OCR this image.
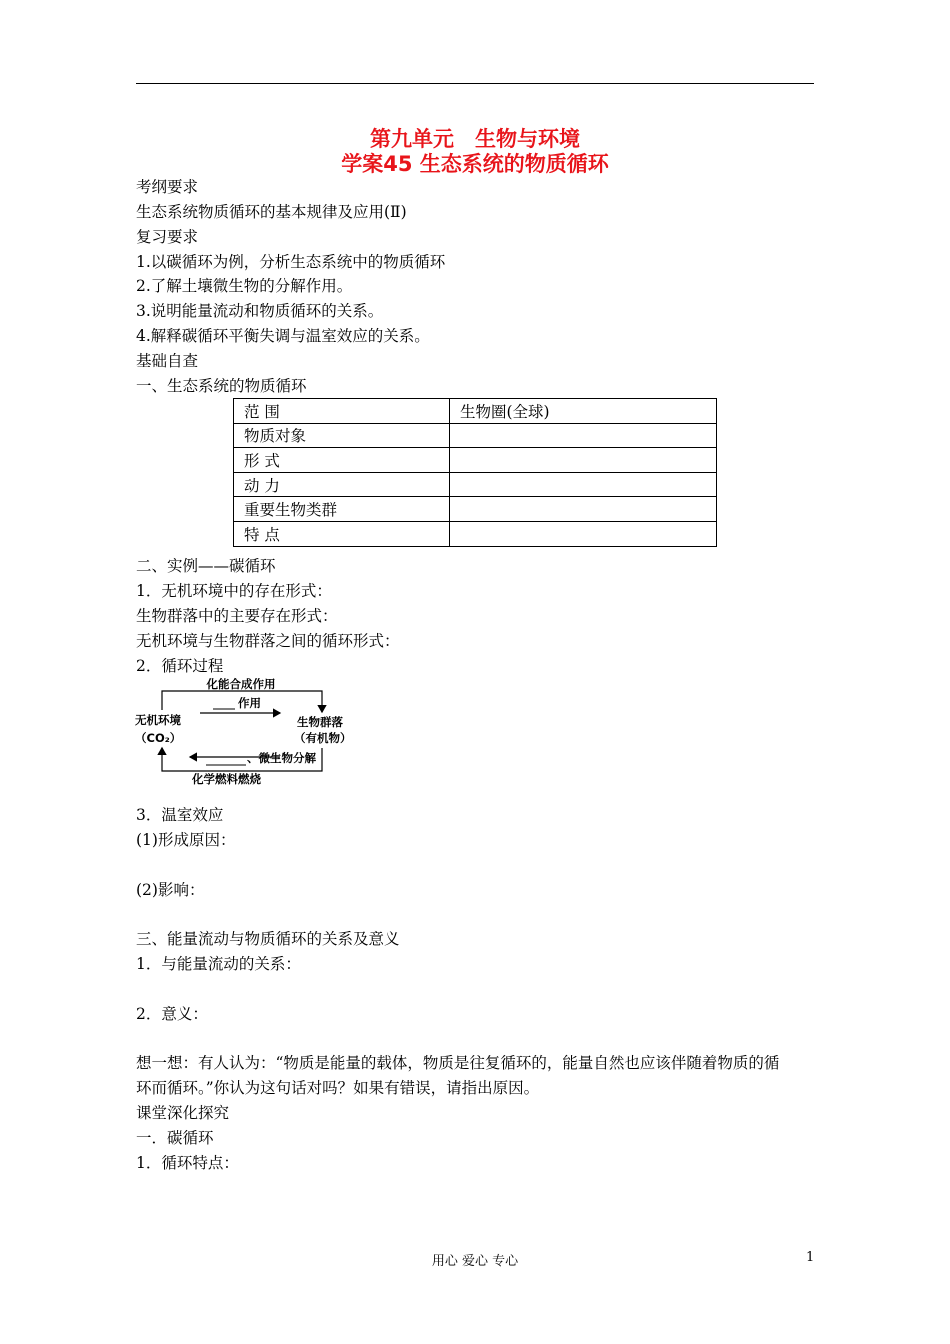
第九单元　生物与环境
学案45 生态系统的物质循环
考纲要求
生态系统物质循环的基本规律及应用(Ⅱ)
复习要求
1.以碳循环为例，分析生态系统中的物质循环
2.了解土壤微生物的分解作用。
3.说明能量流动和物质循环的关系。
4.解释碳循环平衡失调与温室效应的关系。
基础自查
一、生态系统的物质循环
范 围	生物圈(全球)
物质对象	
形 式	
动 力	
重要生物类群	
特 点	
二、实例——碳循环
1．无机环境中的存在形式：
生物群落中的主要存在形式：
无机环境与生物群落之间的循环形式：
2．循环过程
化能合成作用
作用
无机环境
（CO₂）
生物群落
（有机物）
、微生物分解
化学燃料燃烧
3．温室效应
(1)形成原因：
(2)影响：
三、能量流动与物质循环的关系及意义
1．与能量流动的关系：
2．意义：
想一想：有人认为：“物质是能量的载体，物质是往复循环的，能量自然也应该伴随着物质的循
环而循环。”你认为这句话对吗？如果有错误，请指出原因。
课堂深化探究
一．碳循环
1．循环特点：
用心 爱心 专心	1
